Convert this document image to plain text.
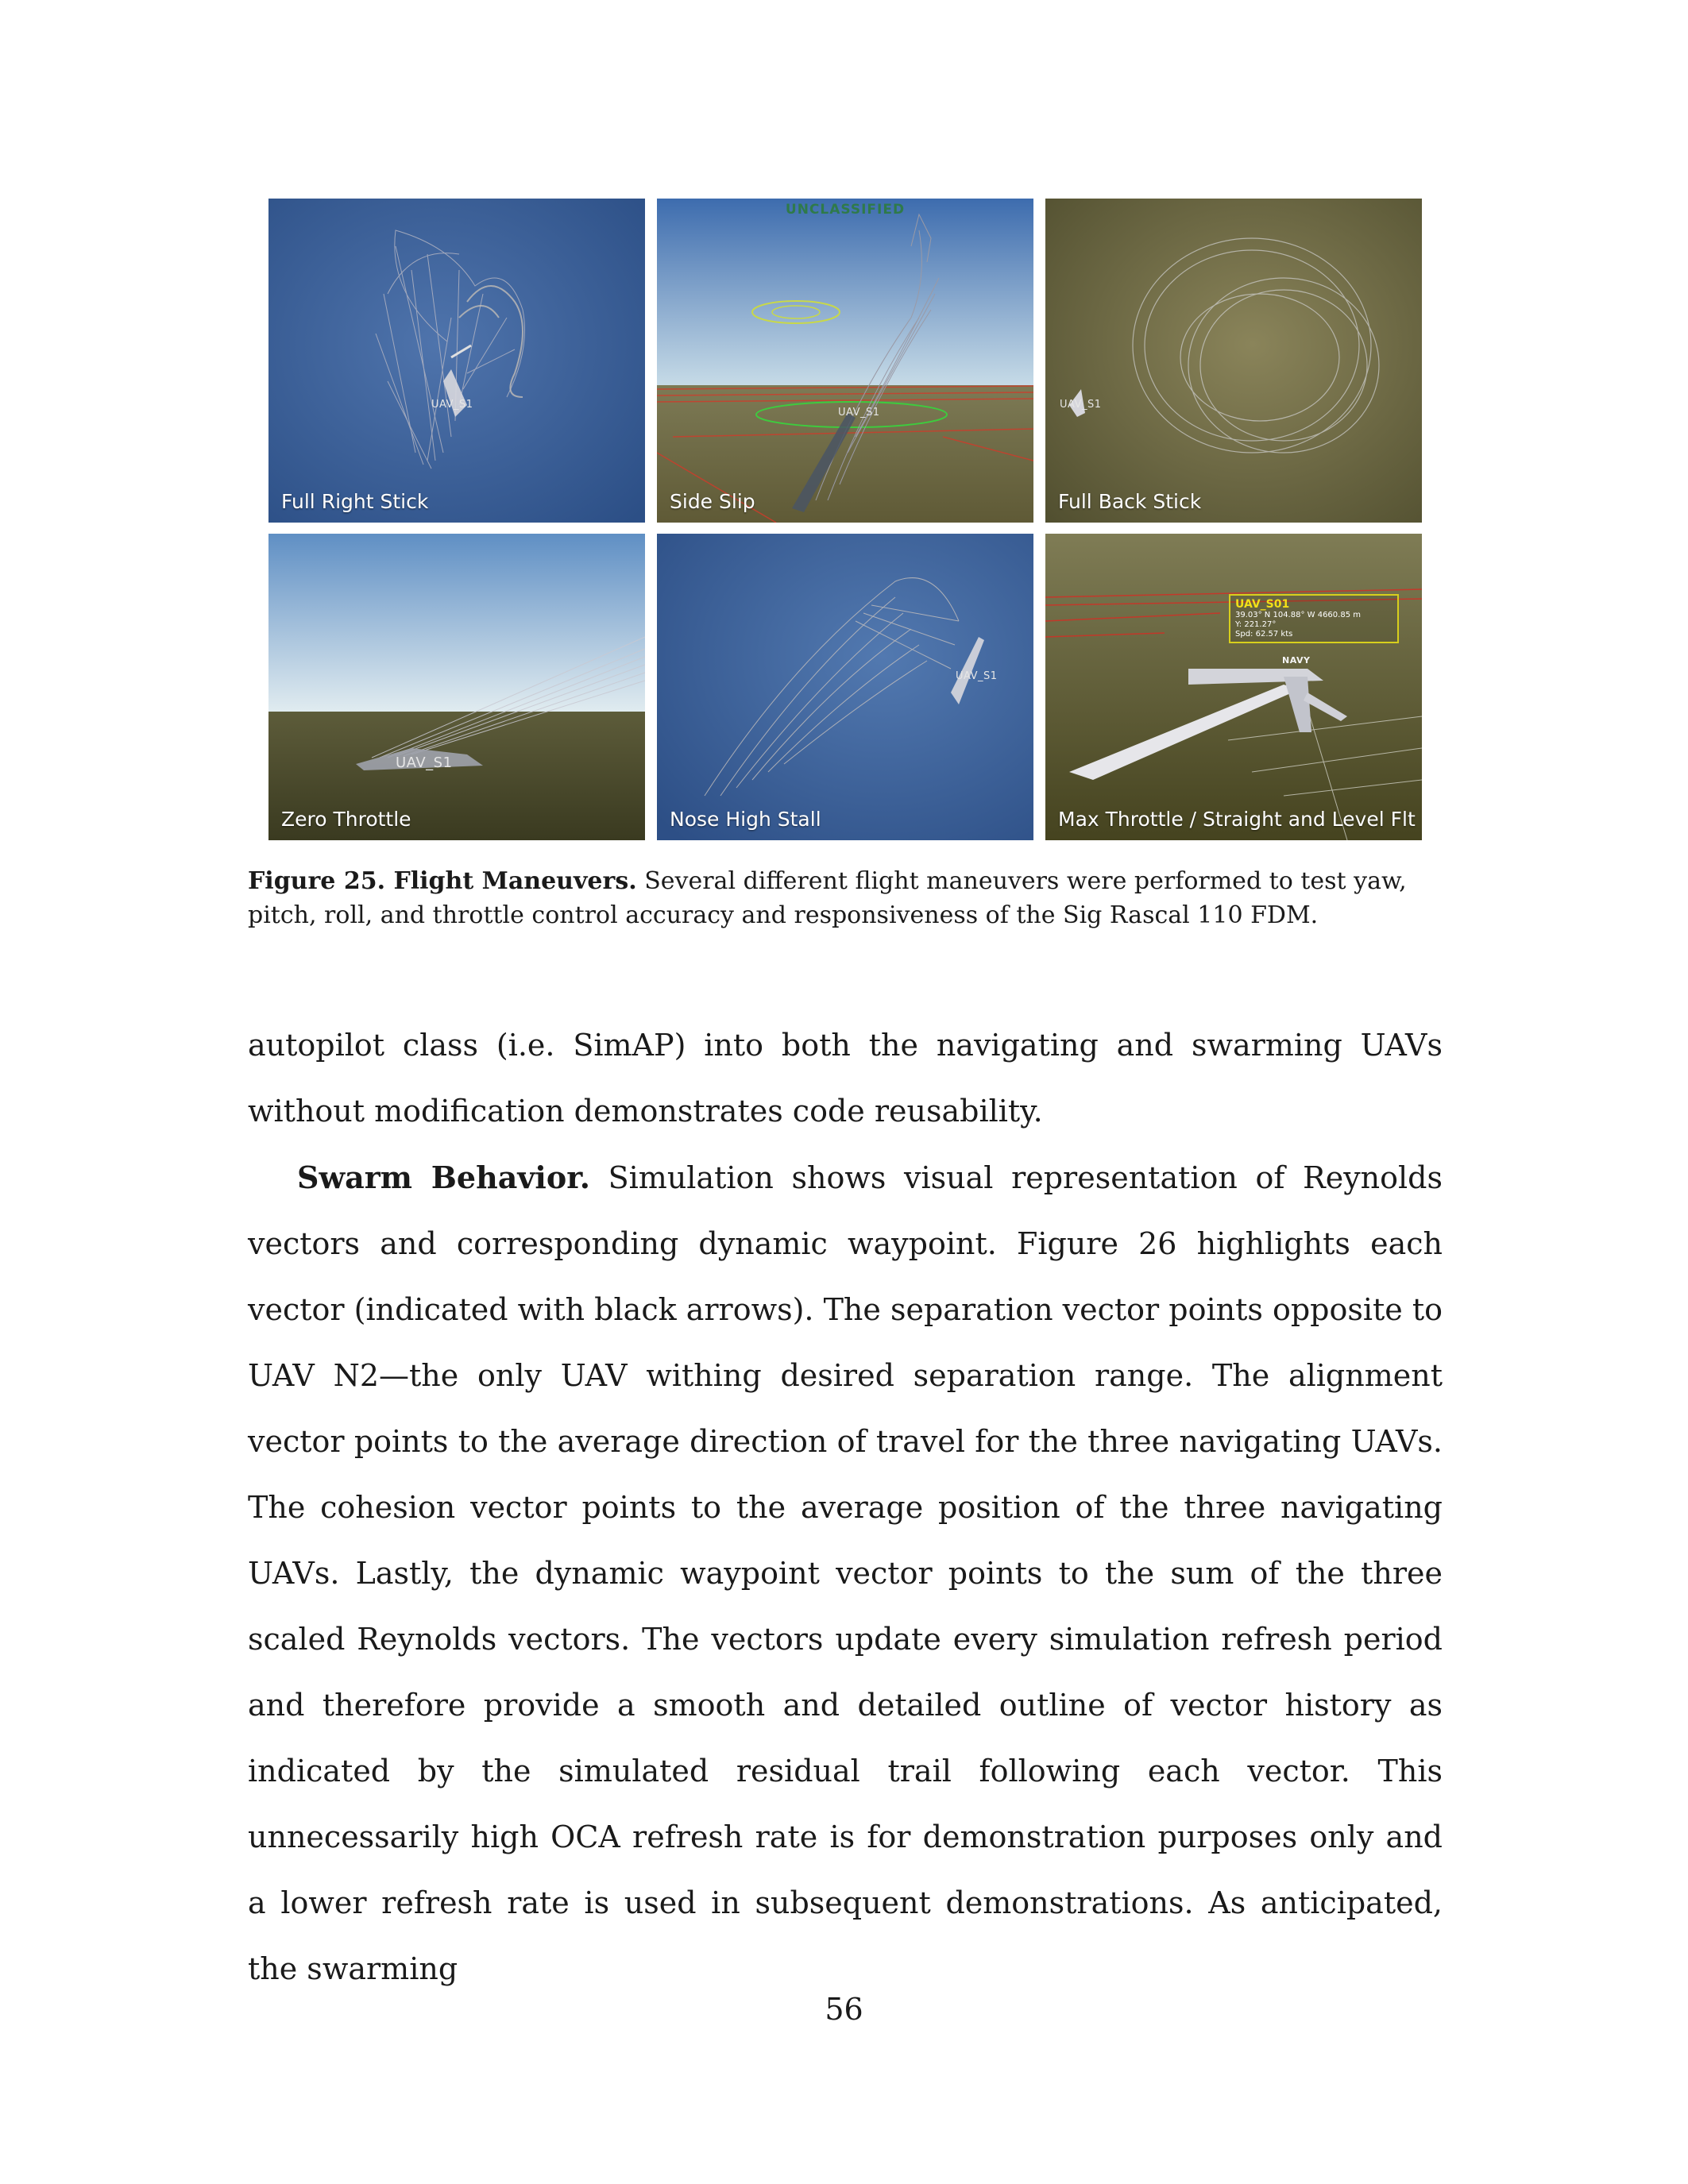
UAV_S1
Full Right Stick
UNCLASSIFIED
UAV_S1
Side Slip
UAV_S1
Full Back Stick
UAV_S1
Zero Throttle
UAV_S1
Nose High Stall
UAV_S01
39.03° N 104.88° W 4660.85 m
Y: 221.27°
Spd: 62.57 kts
NAVY
Max Throttle / Straight and Level Flt
Figure 25. Flight Maneuvers. Several different flight maneuvers were performed to test yaw, pitch, roll, and throttle control accuracy and responsiveness of the Sig Rascal 110 FDM.

autopilot class (i.e. SimAP) into both the navigating and swarming UAVs without modification demonstrates code reusability.

Swarm Behavior. Simulation shows visual representation of Reynolds vectors and corresponding dynamic waypoint. Figure 26 highlights each vector (indicated with black arrows). The separation vector points opposite to UAV N2—the only UAV withing desired separation range. The alignment vector points to the average direction of travel for the three navigating UAVs. The cohesion vector points to the average position of the three navigating UAVs. Lastly, the dynamic waypoint vector points to the sum of the three scaled Reynolds vectors. The vectors update every simulation refresh period and therefore provide a smooth and detailed outline of vector history as indicated by the simulated residual trail following each vector. This unnecessarily high OCA refresh rate is for demonstration purposes only and a lower refresh rate is used in subsequent demonstrations. As anticipated, the swarming

56
